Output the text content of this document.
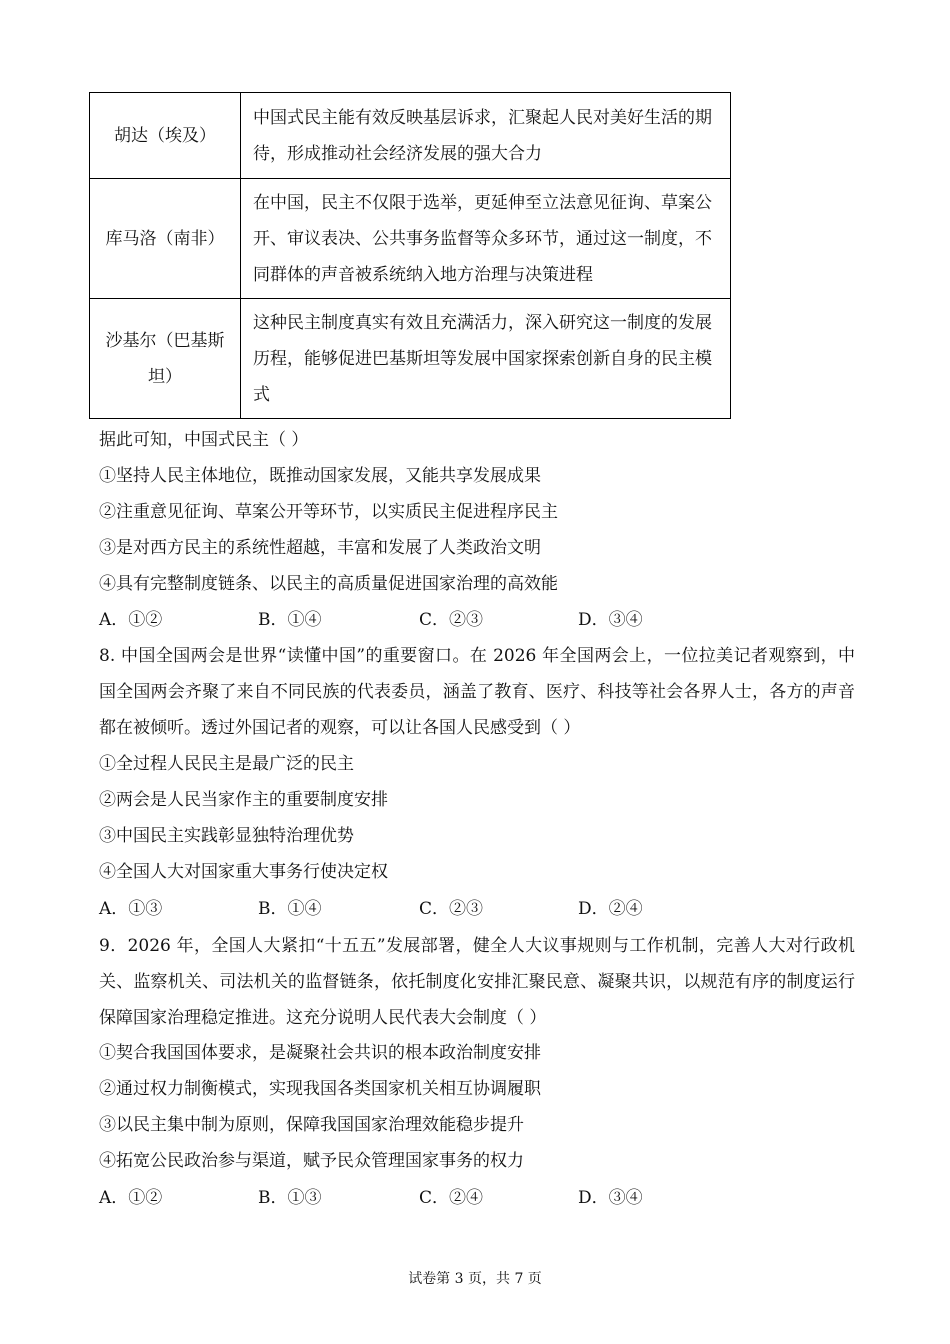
胡达（埃及）	中国式民主能有效反映基层诉求，汇聚起人民对美好生活的期待，形成推动社会经济发展的强大合力
库马洛（南非）	在中国，民主不仅限于选举，更延伸至立法意见征询、草案公开、审议表决、公共事务监督等众多环节，通过这一制度，不同群体的声音被系统纳入地方治理与决策进程
沙基尔（巴基斯坦）	这种民主制度真实有效且充满活力，深入研究这一制度的发展历程，能够促进巴基斯坦等发展中国家探索创新自身的民主模式
据此可知，中国式民主（ ）
①坚持人民主体地位，既推动国家发展，又能共享发展成果
②注重意见征询、草案公开等环节，以实质民主促进程序民主
③是对西方民主的系统性超越，丰富和发展了人类政治文明
④具有完整制度链条、以民主的高质量促进国家治理的高效能
A．①②	B．①④	C．②③	D．③④
8. 中国全国两会是世界“读懂中国”的重要窗口。在 2026 年全国两会上，一位拉美记者观察到，中国全国两会齐聚了来自不同民族的代表委员，涵盖了教育、医疗、科技等社会各界人士，各方的声音都在被倾听。透过外国记者的观察，可以让各国人民感受到（ ）
①全过程人民民主是最广泛的民主
②两会是人民当家作主的重要制度安排
③中国民主实践彰显独特治理优势
④全国人大对国家重大事务行使决定权
A．①③	B．①④	C．②③	D．②④
9．2026 年，全国人大紧扣“十五五”发展部署，健全人大议事规则与工作机制，完善人大对行政机关、监察机关、司法机关的监督链条，依托制度化安排汇聚民意、凝聚共识，以规范有序的制度运行保障国家治理稳定推进。这充分说明人民代表大会制度（ ）
①契合我国国体要求，是凝聚社会共识的根本政治制度安排
②通过权力制衡模式，实现我国各类国家机关相互协调履职
③以民主集中制为原则，保障我国国家治理效能稳步提升
④拓宽公民政治参与渠道，赋予民众管理国家事务的权力
A．①②	B．①③	C．②④	D．③④
试卷第 3 页，共 7 页
